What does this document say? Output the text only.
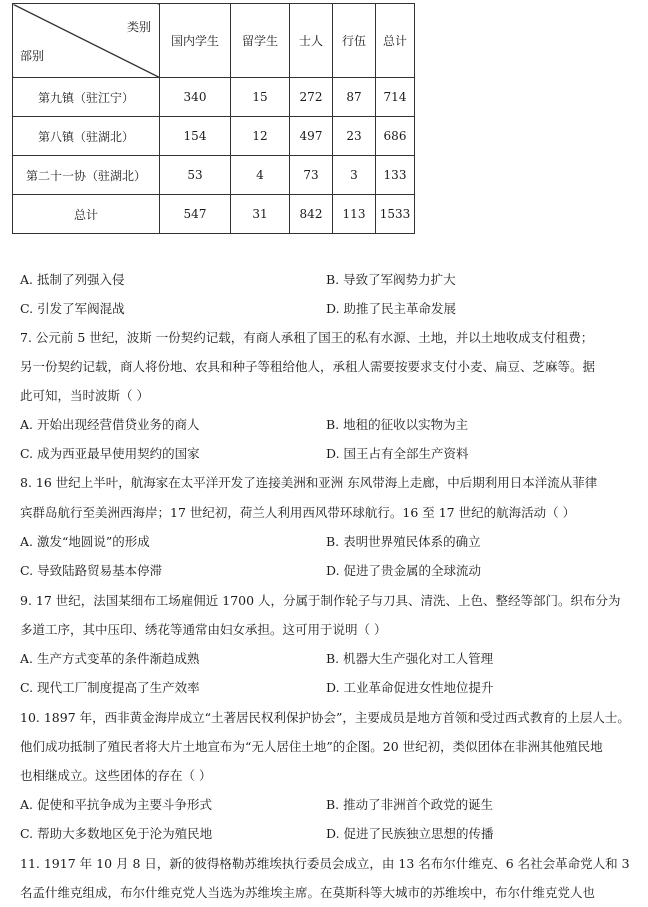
类别
部别	国内学生	留学生	士人	行伍	总计
第九镇（驻江宁）	340	15	272	87	714
第八镇（驻湖北）	154	12	497	23	686
第二十一协（驻湖北）	53	4	73	3	133
总计	547	31	842	113	1533
A. 抵制了列强入侵	B. 导致了军阀势力扩大
C. 引发了军阀混战	D. 助推了民主革命发展
7. 公元前 5 世纪，波斯 一份契约记载，有商人承租了国王的私有水源、土地，并以土地收成支付租费；
另一份契约记载，商人将份地、农具和种子等租给他人，承租人需要按要求支付小麦、扁豆、芝麻等。据
此可知，当时波斯（ ）
A. 开始出现经营借贷业务的商人	B. 地租的征收以实物为主
C. 成为西亚最早使用契约的国家	D. 国王占有全部生产资料
8. 16 世纪上半叶，航海家在太平洋开发了连接美洲和亚洲 东风带海上走廊，中后期利用日本洋流从菲律
宾群岛航行至美洲西海岸；17 世纪初，荷兰人利用西风带环球航行。16 至 17 世纪的航海活动（ ）
A. 激发“地圆说”的形成	B. 表明世界殖民体系的确立
C. 导致陆路贸易基本停滞	D. 促进了贵金属的全球流动
9. 17 世纪，法国某细布工场雇佣近 1700 人，分属于制作轮子与刀具、清洗、上色、整经等部门。织布分为
多道工序，其中压印、绣花等通常由妇女承担。这可用于说明（ ）
A. 生产方式变革的条件渐趋成熟	B. 机器大生产强化对工人管理
C. 现代工厂制度提高了生产效率	D. 工业革命促进女性地位提升
10. 1897 年，西非黄金海岸成立“土著居民权利保护协会”，主要成员是地方首领和受过西式教育的上层人士。
他们成功抵制了殖民者将大片土地宣布为“无人居住土地”的企图。20 世纪初，类似团体在非洲其他殖民地
也相继成立。这些团体的存在（ ）
A. 促使和平抗争成为主要斗争形式	B. 推动了非洲首个政党的诞生
C. 帮助大多数地区免于沦为殖民地	D. 促进了民族独立思想的传播
11. 1917 年 10 月 8 日，新的彼得格勒苏维埃执行委员会成立，由 13 名布尔什维克、6 名社会革命党人和 3
名孟什维克组成，布尔什维克党人当选为苏维埃主席。在莫斯科等大城市的苏维埃中，布尔什维克党人也
